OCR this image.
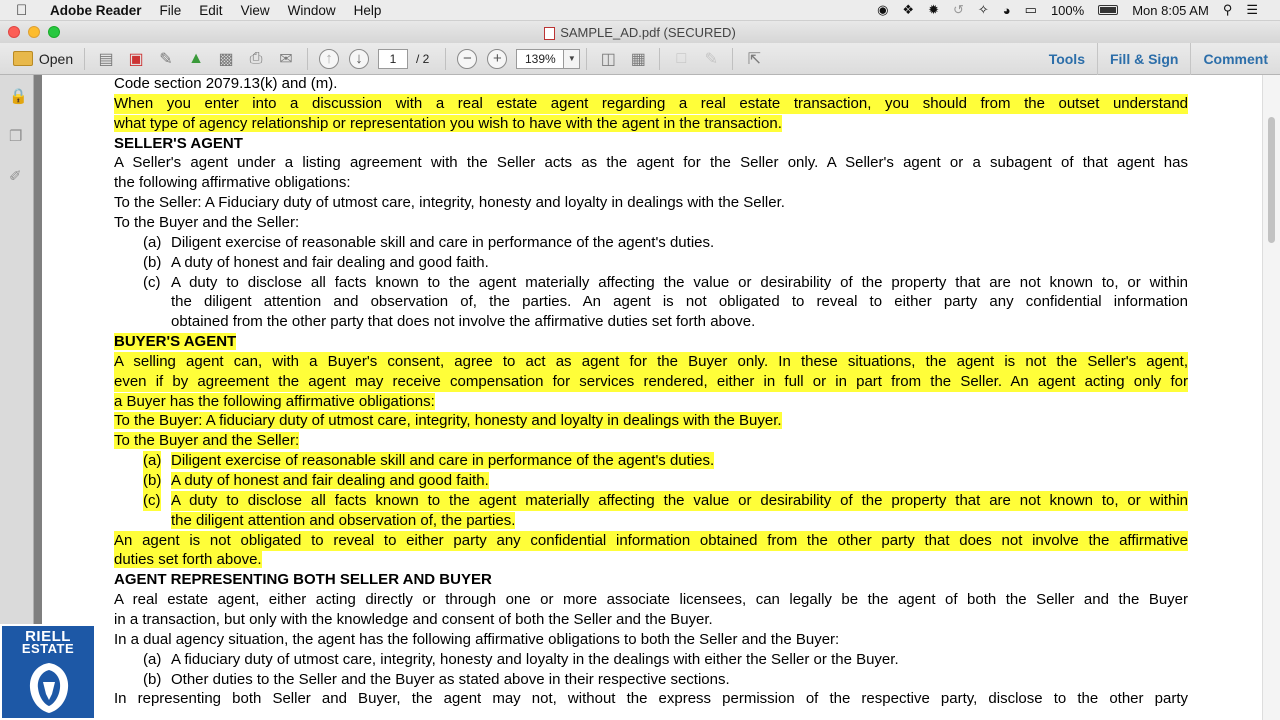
Adobe Reader File Edit View Window Help	◉ ❖ ✹ ↺ ✧ ◕ ▭ 100%	Mon 8:05 AM ⚲ ☰
SAMPLE_AD.pdf (SECURED)
Open	▤ ▣ ✎ ▲ ▩	⎙	✉	↑	↓	1	/ 2	−	+	139%	▼	◫ ▦	□	✎	⇱	Tools	Fill & Sign	Comment
🔒
❐
✐
Code section 2079.13(k) and (m).
When you enter into a discussion with a real estate agent regarding a real estate transaction, you should from the outset understand
what type of agency relationship or representation you wish to have with the agent in the transaction.
SELLER'S AGENT
A Seller's agent under a listing agreement with the Seller acts as the agent for the Seller only. A Seller's agent or a subagent of that agent has
the following affirmative obligations:
To the Seller: A Fiduciary duty of utmost care, integrity, honesty and loyalty in dealings with the Seller.
To the Buyer and the Seller:
(a) Diligent exercise of reasonable skill and care in performance of the agent's duties.
(b) A duty of honest and fair dealing and good faith.
(c) A duty to disclose all facts known to the agent materially affecting the value or desirability of the property that are not known to, or within
the diligent attention and observation of, the parties. An agent is not obligated to reveal to either party any confidential information
obtained from the other party that does not involve the affirmative duties set forth above.
BUYER'S AGENT
A selling agent can, with a Buyer's consent, agree to act as agent for the Buyer only. In these situations, the agent is not the Seller's agent,
even if by agreement the agent may receive compensation for services rendered, either in full or in part from the Seller. An agent acting only for
a Buyer has the following affirmative obligations:
To the Buyer: A fiduciary duty of utmost care, integrity, honesty and loyalty in dealings with the Buyer.
To the Buyer and the Seller:
(a) Diligent exercise of reasonable skill and care in performance of the agent's duties.
(b) A duty of honest and fair dealing and good faith.
(c) A duty to disclose all facts known to the agent materially affecting the value or desirability of the property that are not known to, or within
the diligent attention and observation of, the parties.
An agent is not obligated to reveal to either party any confidential information obtained from the other party that does not involve the affirmative
duties set forth above.
AGENT REPRESENTING BOTH SELLER AND BUYER
A real estate agent, either acting directly or through one or more associate licensees, can legally be the agent of both the Seller and the Buyer
in a transaction, but only with the knowledge and consent of both the Seller and the Buyer.
In a dual agency situation, the agent has the following affirmative obligations to both the Seller and the Buyer:
(a) A fiduciary duty of utmost care, integrity, honesty and loyalty in the dealings with either the Seller or the Buyer.
(b) Other duties to the Seller and the Buyer as stated above in their respective sections.
In representing both Seller and Buyer, the agent may not, without the express permission of the respective party, disclose to the other party
RIELL
ESTATE
